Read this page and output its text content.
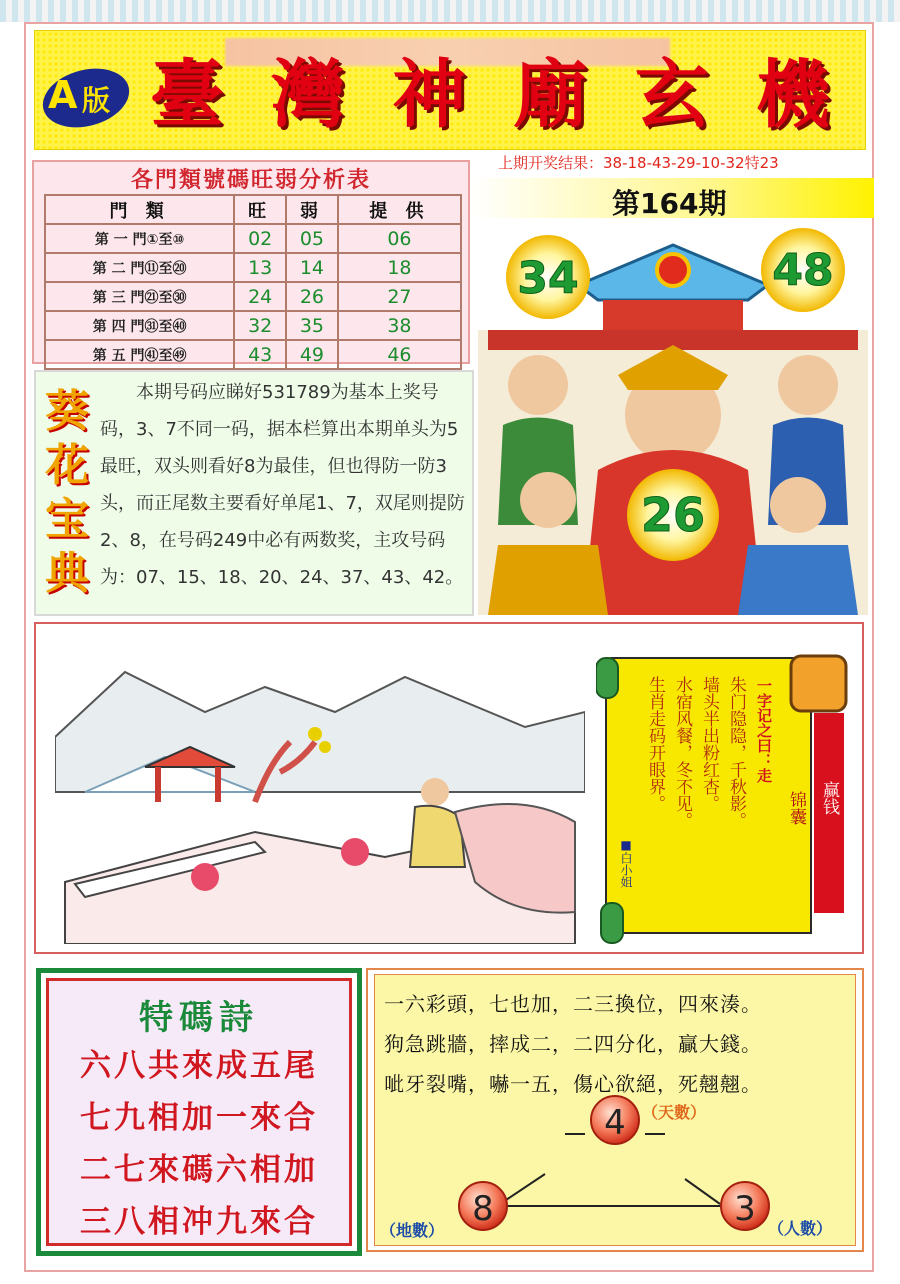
A 版 臺 灣 神 廟 玄 機
上期开奖结果：38-18-43-29-10-32特23
第164期
各門類號碼旺弱分析表
門 類	旺	弱	提 供
第 一 門①至⑩	02	05	06
第 二 門⑪至⑳	13	14	18
第 三 門㉑至㉚	24	26	27
第 四 門㉛至㊵	32	35	38
第 五 門㊶至㊾	43	49	46
葵
花
宝
典
本期号码应睇好531789为基本上奖号码，3、7不同一码，据本栏算出本期单头为5最旺，双头则看好8为最佳，但也得防一防3头，而正尾数主要看好单尾1、7，双尾则提防2、8，在号码249中必有两数奖，主攻号码为：07、15、18、20、24、37、43、42。
34	48
26
赢钱
锦囊
一字记之曰：走
朱门隐隐，千秋影。
墙头半出粉红杏。
水宿风餐，冬不见。
生肖走码开眼界。
■白小姐
特碼詩
六八共來成五尾
七九相加一來合
二七來碼六相加
三八相冲九來合
一六彩頭，七也加，二三換位，四來湊。
狗急跳牆，摔成二，二四分化，贏大錢。
呲牙裂嘴，嚇一五，傷心欲絕，死翹翹。
4 （天數）
8
（地數）
3 （人數）
